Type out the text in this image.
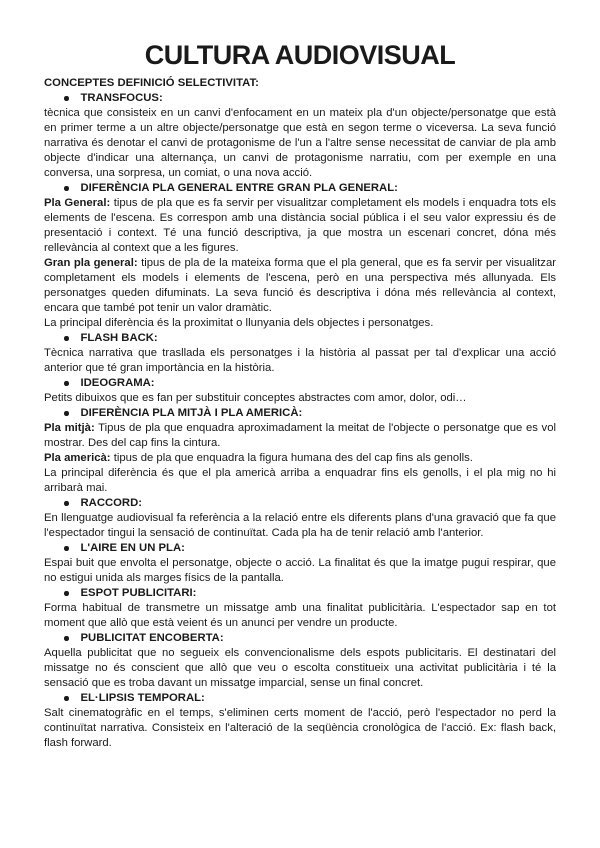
CULTURA AUDIOVISUAL

CONCEPTES DEFINICIÓ SELECTIVITAT:

TRANSFOCUS:

tècnica que consisteix en un canvi d'enfocament en un mateix pla d'un objecte/personatge que està en primer terme a un altre objecte/personatge que està en segon terme o viceversa. La seva funció narrativa és denotar el canvi de protagonisme de l'un a l'altre sense necessitat de canviar de pla amb objecte d'indicar una alternança, un canvi de protagonisme narratiu, com per exemple en una conversa, una sorpresa, un comiat, o una nova acció.

DIFERÈNCIA PLA GENERAL ENTRE GRAN PLA GENERAL:

Pla General: tipus de pla que es fa servir per visualitzar completament els models i enquadra tots els elements de l'escena. Es correspon amb una distància social pública i el seu valor expressiu és de presentació i context. Té una funció descriptiva, ja que mostra un escenari concret, dóna més rellevància al context que a les figures.

Gran pla general: tipus de pla de la mateixa forma que el pla general, que es fa servir per visualitzar completament els models i elements de l'escena, però en una perspectiva més allunyada. Els personatges queden difuminats. La seva funció és descriptiva i dóna més rellevància al context, encara que també pot tenir un valor dramàtic.

La principal diferència és la proximitat o llunyania dels objectes i personatges.

FLASH BACK:

Tècnica narrativa que trasllada els personatges i la història al passat per tal d'explicar una acció anterior que té gran importància en la història.

IDEOGRAMA:

Petits dibuixos que es fan per substituir conceptes abstractes com amor, dolor, odi…

DIFERÈNCIA PLA MITJÀ I PLA AMERICÀ:

Pla mitjà: Tipus de pla que enquadra aproximadament la meitat de l'objecte o personatge que es vol mostrar. Des del cap fins la cintura.

Pla americà: tipus de pla que enquadra la figura humana des del cap fins als genolls.

La principal diferència és que el pla americà arriba a enquadrar fins els genolls, i el pla mig no hi arribarà mai.

RACCORD:

En llenguatge audiovisual fa referència a la relació entre els diferents plans d'una gravació que fa que l'espectador tingui la sensació de continuïtat. Cada pla ha de tenir relació amb l'anterior.

L'AIRE EN UN PLA:

Espai buit que envolta el personatge, objecte o acció. La finalitat és que la imatge pugui respirar, que no estigui unida als marges físics de la pantalla.

ESPOT PUBLICITARI:

Forma habitual de transmetre un missatge amb una finalitat publicitària. L'espectador sap en tot moment que allò que està veient és un anunci per vendre un producte.

PUBLICITAT ENCOBERTA:

Aquella publicitat que no segueix els convencionalisme dels espots publicitaris. El destinatari del missatge no és conscient que allò que veu o escolta constitueix una activitat publicitària i té la sensació que es troba davant un missatge imparcial, sense un final concret.

EL·LIPSIS TEMPORAL:

Salt cinematogràfic en el temps, s'eliminen certs moment de l'acció, però l'espectador no perd la continuïtat narrativa. Consisteix en l'alteració de la seqüència cronològica de l'acció. Ex: flash back, flash forward.
